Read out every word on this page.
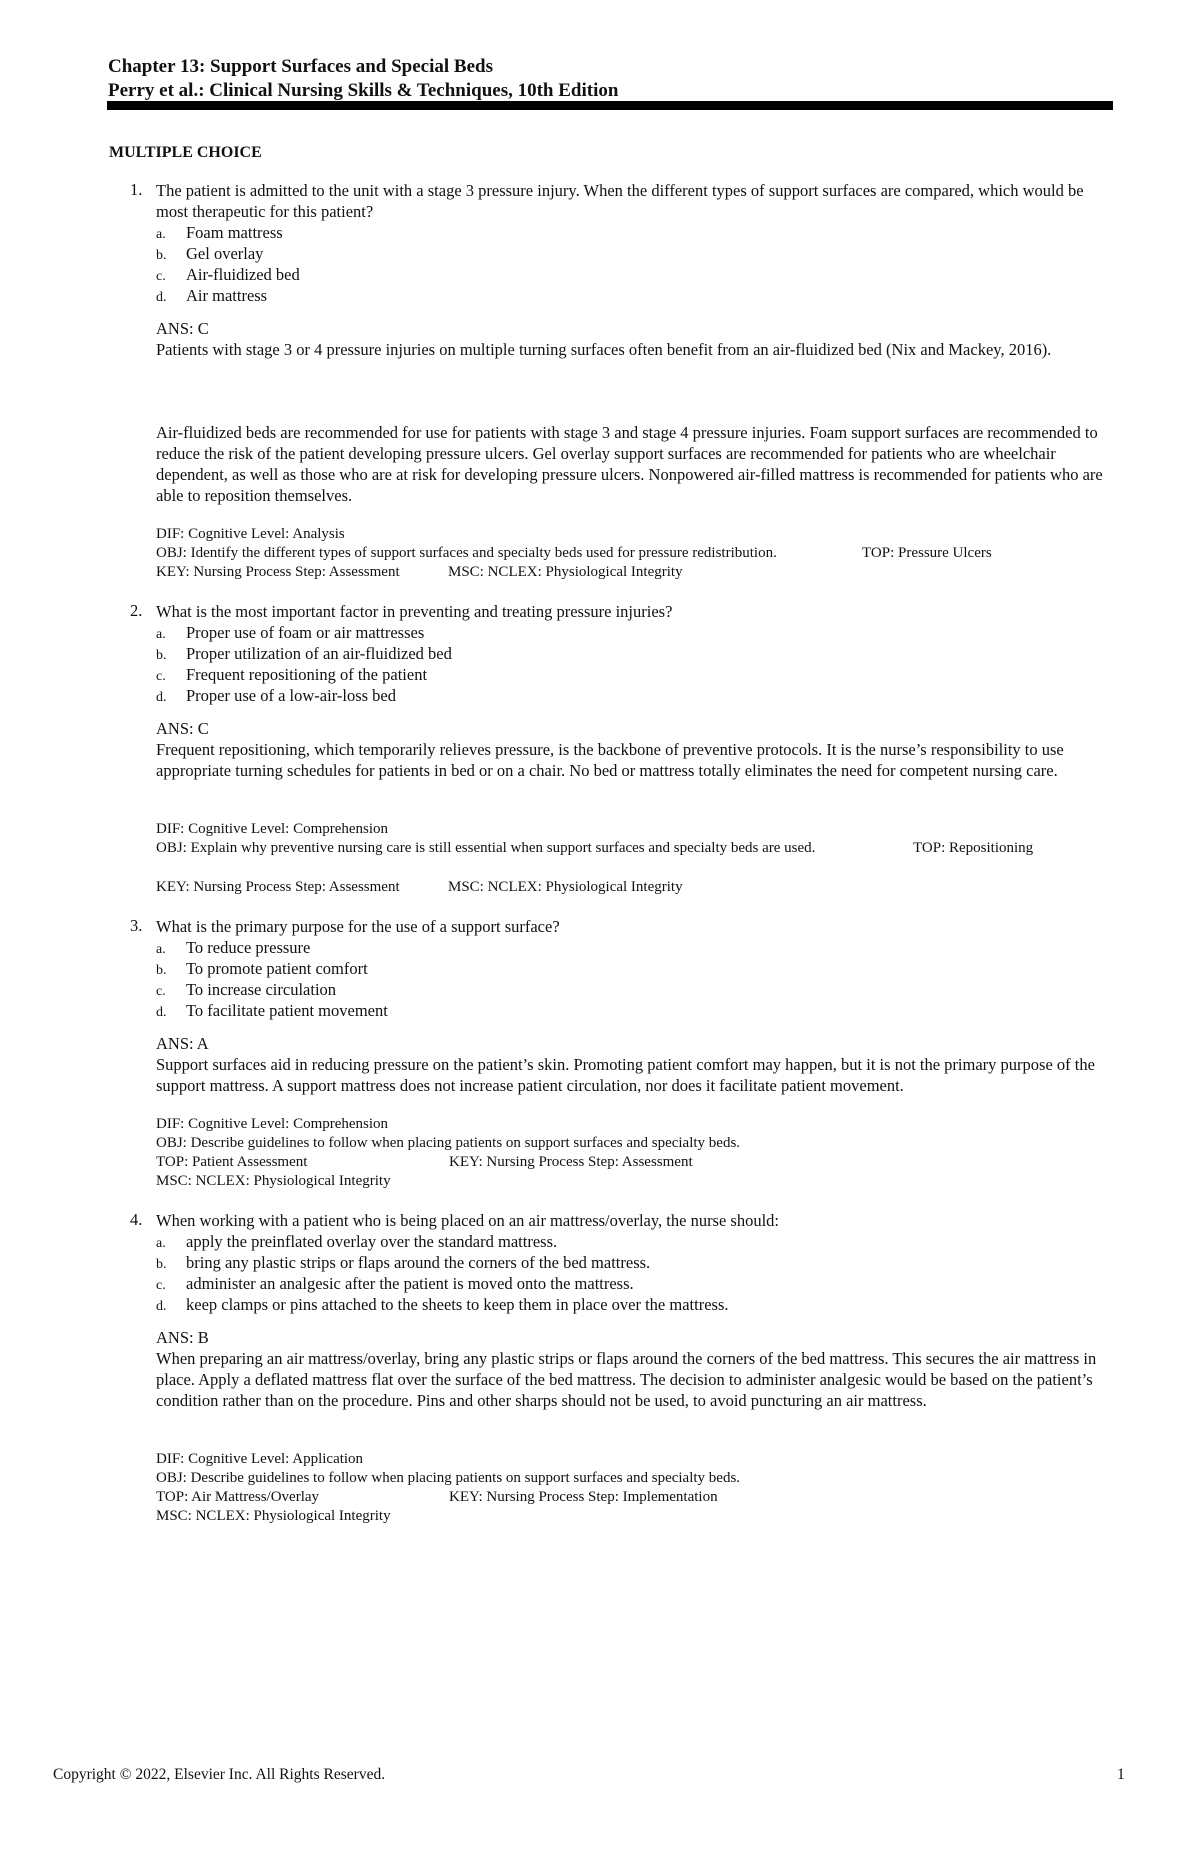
Chapter 13: Support Surfaces and Special Beds
Perry et al.: Clinical Nursing Skills & Techniques, 10th Edition
MULTIPLE CHOICE
1. The patient is admitted to the unit with a stage 3 pressure injury. When the different types of support surfaces are compared, which would be most therapeutic for this patient?
a. Foam mattress
b. Gel overlay
c. Air-fluidized bed
d. Air mattress
ANS: C
Patients with stage 3 or 4 pressure injuries on multiple turning surfaces often benefit from an air-fluidized bed (Nix and Mackey, 2016).
Air-fluidized beds are recommended for use for patients with stage 3 and stage 4 pressure injuries. Foam support surfaces are recommended to reduce the risk of the patient developing pressure ulcers. Gel overlay support surfaces are recommended for patients who are wheelchair dependent, as well as those who are at risk for developing pressure ulcers. Nonpowered air-filled mattress is recommended for patients who are able to reposition themselves.
DIF: Cognitive Level: Analysis
OBJ: Identify the different types of support surfaces and specialty beds used for pressure redistribution.	TOP: Pressure Ulcers
KEY: Nursing Process Step: Assessment	MSC: NCLEX: Physiological Integrity
2. What is the most important factor in preventing and treating pressure injuries?
a. Proper use of foam or air mattresses
b. Proper utilization of an air-fluidized bed
c. Frequent repositioning of the patient
d. Proper use of a low-air-loss bed
ANS: C
Frequent repositioning, which temporarily relieves pressure, is the backbone of preventive protocols. It is the nurse’s responsibility to use appropriate turning schedules for patients in bed or on a chair. No bed or mattress totally eliminates the need for competent nursing care.
DIF: Cognitive Level: Comprehension
OBJ: Explain why preventive nursing care is still essential when support surfaces and specialty beds are used.	TOP: Repositioning
KEY: Nursing Process Step: Assessment	MSC: NCLEX: Physiological Integrity
3. What is the primary purpose for the use of a support surface?
a. To reduce pressure
b. To promote patient comfort
c. To increase circulation
d. To facilitate patient movement
ANS: A
Support surfaces aid in reducing pressure on the patient’s skin. Promoting patient comfort may happen, but it is not the primary purpose of the support mattress. A support mattress does not increase patient circulation, nor does it facilitate patient movement.
DIF: Cognitive Level: Comprehension
OBJ: Describe guidelines to follow when placing patients on support surfaces and specialty beds.
TOP: Patient Assessment	KEY: Nursing Process Step: Assessment
MSC: NCLEX: Physiological Integrity
4. When working with a patient who is being placed on an air mattress/overlay, the nurse should:
a. apply the preinflated overlay over the standard mattress.
b. bring any plastic strips or flaps around the corners of the bed mattress.
c. administer an analgesic after the patient is moved onto the mattress.
d. keep clamps or pins attached to the sheets to keep them in place over the mattress.
ANS: B
When preparing an air mattress/overlay, bring any plastic strips or flaps around the corners of the bed mattress. This secures the air mattress in place. Apply a deflated mattress flat over the surface of the bed mattress. The decision to administer analgesic would be based on the patient’s condition rather than on the procedure. Pins and other sharps should not be used, to avoid puncturing an air mattress.
DIF: Cognitive Level: Application
OBJ: Describe guidelines to follow when placing patients on support surfaces and specialty beds.
TOP: Air Mattress/Overlay	KEY: Nursing Process Step: Implementation
MSC: NCLEX: Physiological Integrity
Copyright © 2022, Elsevier Inc. All Rights Reserved.	1
